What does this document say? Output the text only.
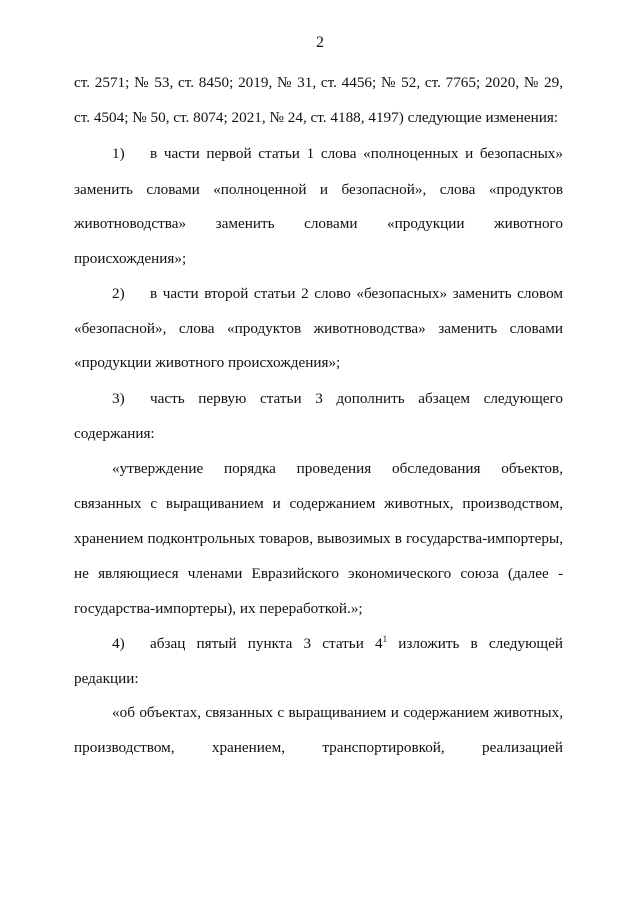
2
ст. 2571; № 53, ст. 8450; 2019, № 31, ст. 4456; № 52, ст. 7765; 2020, № 29,
ст. 4504; № 50, ст. 8074; 2021, № 24, ст. 4188, 4197) следующие изменения:
1) в части первой статьи 1 слова «полноценных и безопасных»
заменить словами «полноценной и безопасной», слова «продуктов
животноводства» заменить словами «продукции животного
происхождения»;
2) в части второй статьи 2 слово «безопасных» заменить словом
«безопасной», слова «продуктов животноводства» заменить словами
«продукции животного происхождения»;
3) часть первую статьи 3 дополнить абзацем следующего
содержания:
«утверждение порядка проведения обследования объектов,
связанных с выращиванием и содержанием животных, производством,
хранением подконтрольных товаров, вывозимых в государства-импортеры,
не являющиеся членами Евразийского экономического союза (далее -
государства-импортеры), их переработкой.»;
4) абзац пятый пункта 3 статьи $4^1$ изложить в следующей
редакции:
«об объектах, связанных с выращиванием и содержанием животных,
производством, хранением, транспортировкой, реализацией
